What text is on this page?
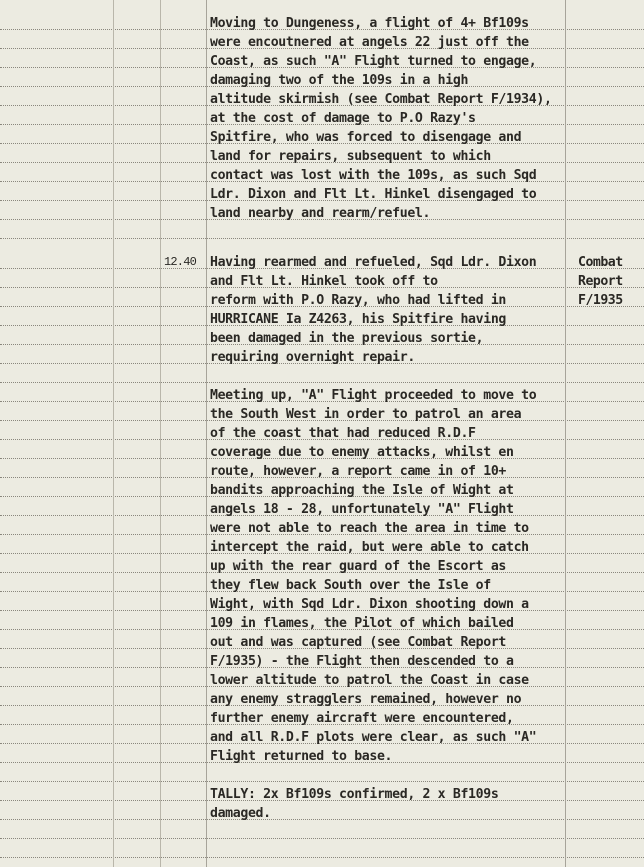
Moving to Dungeness, a flight of 4+ Bf109s
were encoutnered at angels 22 just off the
Coast, as such "A" Flight turned to engage,
damaging two of the 109s in a high
altitude skirmish (see Combat Report F/1934),
at the cost of damage to P.O Razy's
Spitfire, who was forced to disengage and
land for repairs, subsequent to which
contact was lost with the 109s, as such Sqd
Ldr. Dixon and Flt Lt. Hinkel disengaged to
land nearby and rearm/refuel.
12.40 Having rearmed and refueled, Sqd Ldr. Dixon
and Flt Lt. Hinkel took off to
reform with P.O Razy, who had lifted in
HURRICANE Ia Z4263, his Spitfire having
been damaged in the previous sortie,
requiring overnight repair.

Meeting up, "A" Flight proceeded to move to
the South West in order to patrol an area
of the coast that had reduced R.D.F
coverage due to enemy attacks, whilst en
route, however, a report came in of 10+
bandits approaching the Isle of Wight at
angels 18 - 28, unfortunately "A" Flight
were not able to reach the area in time to
intercept the raid, but were able to catch
up with the rear guard of the Escort as
they flew back South over the Isle of
Wight, with Sqd Ldr. Dixon shooting down a
109 in flames, the Pilot of which bailed
out and was captured (see Combat Report
F/1935) - the Flight then descended to a
lower altitude to patrol the Coast in case
any enemy stragglers remained, however no
further enemy aircraft were encountered,
and all R.D.F plots were clear, as such "A"
Flight returned to base.

TALLY: 2x Bf109s confirmed, 2 x Bf109s
damaged.
Combat
Report
F/1935
